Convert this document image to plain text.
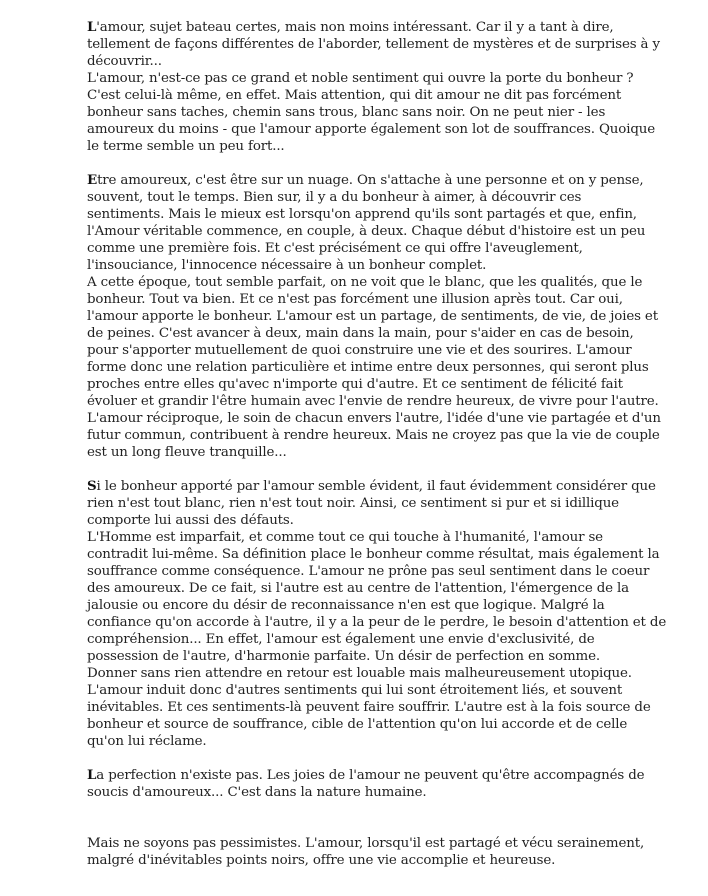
L'amour, sujet bateau certes, mais non moins intéressant. Car il y a tant à dire,
tellement de façons différentes de l'aborder, tellement de mystères et de surprises à y
découvrir...
L'amour, n'est-ce pas ce grand et noble sentiment qui ouvre la porte du bonheur ?
C'est celui-là même, en effet. Mais attention, qui dit amour ne dit pas forcément
bonheur sans taches, chemin sans trous, blanc sans noir. On ne peut nier - les
amoureux du moins - que l'amour apporte également son lot de souffrances. Quoique
le terme semble un peu fort...
Etre amoureux, c'est être sur un nuage. On s'attache à une personne et on y pense,
souvent, tout le temps. Bien sur, il y a du bonheur à aimer, à découvrir ces
sentiments. Mais le mieux est lorsqu'on apprend qu'ils sont partagés et que, enfin,
l'Amour véritable commence, en couple, à deux. Chaque début d'histoire est un peu
comme une première fois. Et c'est précisément ce qui offre l'aveuglement,
l'insouciance, l'innocence nécessaire à un bonheur complet.
A cette époque, tout semble parfait, on ne voit que le blanc, que les qualités, que le
bonheur. Tout va bien. Et ce n'est pas forcément une illusion après tout. Car oui,
l'amour apporte le bonheur. L'amour est un partage, de sentiments, de vie, de joies et
de peines. C'est avancer à deux, main dans la main, pour s'aider en cas de besoin,
pour s'apporter mutuellement de quoi construire une vie et des sourires. L'amour
forme donc une relation particulière et intime entre deux personnes, qui seront plus
proches entre elles qu'avec n'importe qui d'autre. Et ce sentiment de félicité fait
évoluer et grandir l'être humain avec l'envie de rendre heureux, de vivre pour l'autre.
L'amour réciproque, le soin de chacun envers l'autre, l'idée d'une vie partagée et d'un
futur commun, contribuent à rendre heureux. Mais ne croyez pas que la vie de couple
est un long fleuve tranquille...
Si le bonheur apporté par l'amour semble évident, il faut évidemment considérer que
rien n'est tout blanc, rien n'est tout noir. Ainsi, ce sentiment si pur et si idillique
comporte lui aussi des défauts.
L'Homme est imparfait, et comme tout ce qui touche à l'humanité, l'amour se
contradit lui-même. Sa définition place le bonheur comme résultat, mais également la
souffrance comme conséquence. L'amour ne prône pas seul sentiment dans le coeur
des amoureux. De ce fait, si l'autre est au centre de l'attention, l'émergence de la
jalousie ou encore du désir de reconnaissance n'en est que logique. Malgré la
confiance qu'on accorde à l'autre, il y a la peur de le perdre, le besoin d'attention et de
compréhension... En effet, l'amour est également une envie d'exclusivité, de
possession de l'autre, d'harmonie parfaite. Un désir de perfection en somme.
Donner sans rien attendre en retour est louable mais malheureusement utopique.
L'amour induit donc d'autres sentiments qui lui sont étroitement liés, et souvent
inévitables. Et ces sentiments-là peuvent faire souffrir. L'autre est à la fois source de
bonheur et source de souffrance, cible de l'attention qu'on lui accorde et de celle
qu'on lui réclame.
La perfection n'existe pas. Les joies de l'amour ne peuvent qu'être accompagnés de
soucis d'amoureux... C'est dans la nature humaine.
Mais ne soyons pas pessimistes. L'amour, lorsqu'il est partagé et vécu serainement,
malgré d'inévitables points noirs, offre une vie accomplie et heureuse.
